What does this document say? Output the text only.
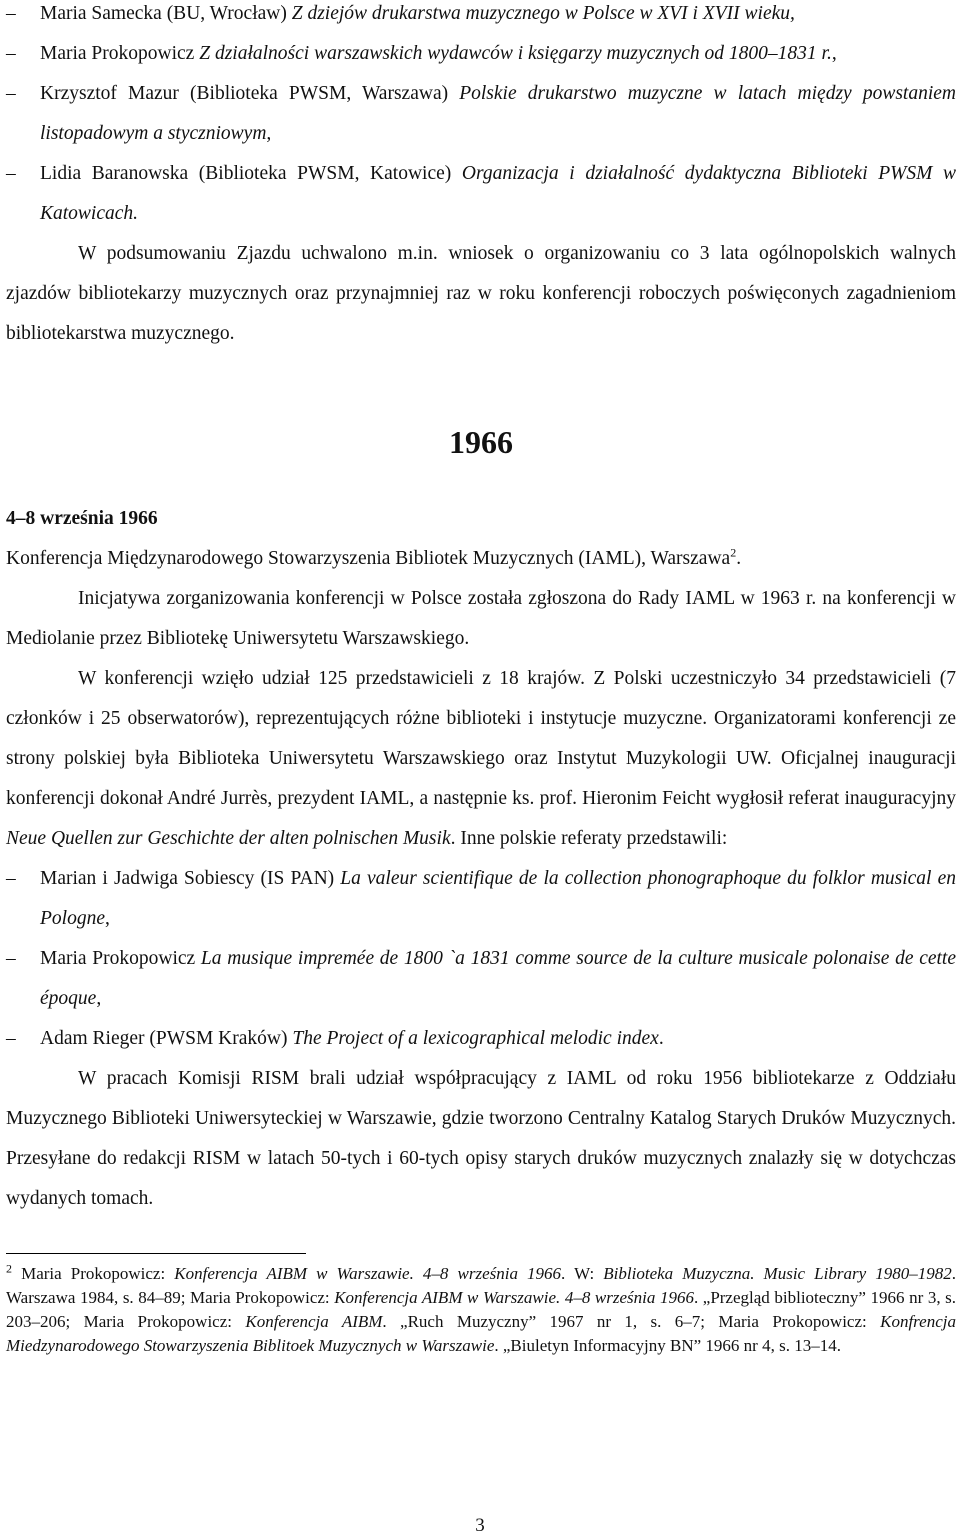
– Maria Samecka (BU, Wrocław) Z dziejów drukarstwa muzycznego w Polsce w XVI i XVII wieku,
– Maria Prokopowicz Z działalności warszawskich wydawców i księgarzy muzycznych od 1800–1831 r.,
– Krzysztof Mazur (Biblioteka PWSM, Warszawa) Polskie drukarstwo muzyczne w latach między powstaniem listopadowym a styczniowym,
– Lidia Baranowska (Biblioteka PWSM, Katowice) Organizacja i działalność dydaktyczna Biblioteki PWSM w Katowicach.

W podsumowaniu Zjazdu uchwalono m.in. wniosek o organizowaniu co 3 lata ogólnopolskich walnych zjazdów bibliotekarzy muzycznych oraz przynajmniej raz w roku konferencji roboczych poświęconych zagadnieniom bibliotekarstwa muzycznego.

1966

4–8 września 1966

Konferencja Międzynarodowego Stowarzyszenia Bibliotek Muzycznych (IAML), Warszawa$^2$.

Inicjatywa zorganizowania konferencji w Polsce została zgłoszona do Rady IAML w 1963 r. na konferencji w Mediolanie przez Bibliotekę Uniwersytetu Warszawskiego.

W konferencji wzięło udział 125 przedstawicieli z 18 krajów. Z Polski uczestniczyło 34 przedstawicieli (7 członków i 25 obserwatorów), reprezentujących różne biblioteki i instytucje muzyczne. Organizatorami konferencji ze strony polskiej była Biblioteka Uniwersytetu Warszawskiego oraz Instytut Muzykologii UW. Oficjalnej inauguracji konferencji dokonał André Jurrès, prezydent IAML, a następnie ks. prof. Hieronim Feicht wygłosił referat inauguracyjny Neue Quellen zur Geschichte der alten polnischen Musik. Inne polskie referaty przedstawili:

– Marian i Jadwiga Sobiescy (IS PAN) La valeur scientifique de la collection phonographoque du folklor musical en Pologne,
– Maria Prokopowicz La musique impremée de 1800 `a 1831 comme source de la culture musicale polonaise de cette époque,
– Adam Rieger (PWSM Kraków) The Project of a lexicographical melodic index.

W pracach Komisji RISM brali udział współpracujący z IAML od roku 1956 bibliotekarze z Oddziału Muzycznego Biblioteki Uniwersyteckiej w Warszawie, gdzie tworzono Centralny Katalog Starych Druków Muzycznych. Przesyłane do redakcji RISM w latach 50-tych i 60-tych opisy starych druków muzycznych znalazły się w dotychczas wydanych tomach.

$^2$ Maria Prokopowicz: Konferencja AIBM w Warszawie. 4–8 września 1966. W: Biblioteka Muzyczna. Music Library 1980–1982. Warszawa 1984, s. 84–89; Maria Prokopowicz: Konferencja AIBM w Warszawie. 4–8 września 1966. „Przegląd biblioteczny” 1966 nr 3, s. 203–206; Maria Prokopowicz: Konferencja AIBM. „Ruch Muzyczny” 1967 nr 1, s. 6–7; Maria Prokopowicz: Konfrencja Miedzynarodowego Stowarzyszenia Biblitoek Muzycznych w Warszawie. „Biuletyn Informacyjny BN” 1966 nr 4, s. 13–14.

3
